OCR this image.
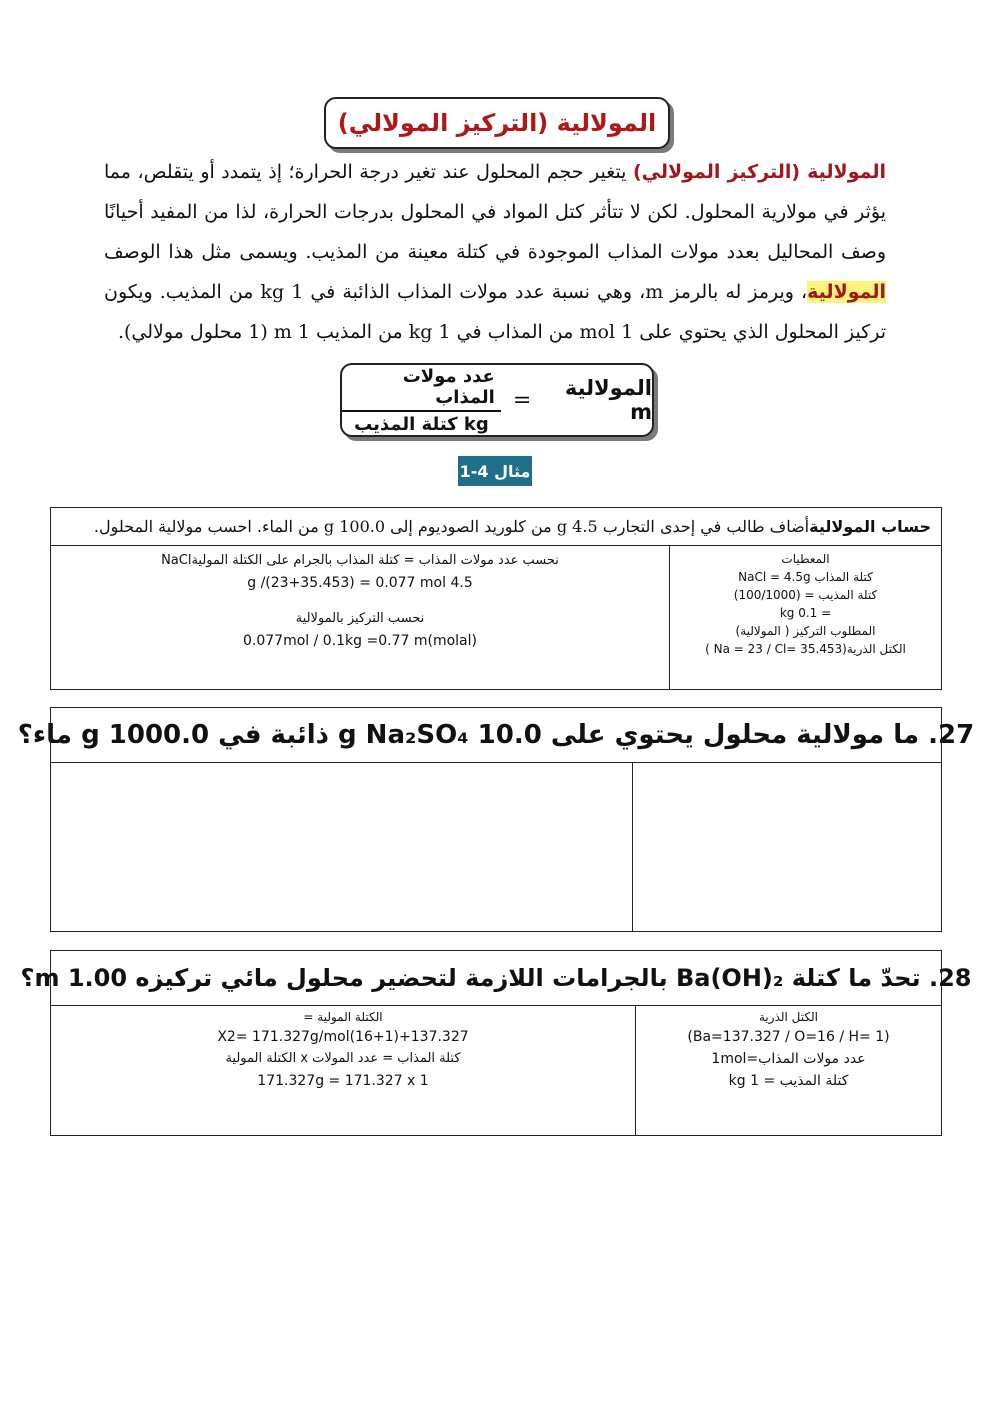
المولالية (التركيز المولالي)
المولالية (التركيز المولالي) يتغير حجم المحلول عند تغير درجة الحرارة؛ إذ يتمدد أو يتقلص، مما يؤثر في مولارية المحلول. لكن لا تتأثر كتل المواد في المحلول بدرجات الحرارة، لذا من المفيد أحيانًا وصف المحاليل بعدد مولات المذاب الموجودة في كتلة معينة من المذيب. ويسمى مثل هذا الوصف المولالية، ويرمز له بالرمز m، وهي نسبة عدد مولات المذاب الذائبة في 1 kg من المذيب. ويكون تركيز المحلول الذي يحتوي على 1 mol من المذاب في 1 kg من المذيب 1 m (1 محلول مولالي).
المولالية m
=
$\frac{\text{عدد مولات المذاب}}{\text{kg كتلة المذيب}}$
مثال 4-1
حساب المولالية
أضاف طالب في إحدى التجارب 4.5 g من كلوريد الصوديوم إلى 100.0 g من الماء. احسب مولالية المحلول.
المعطيات
كتلة المذاب NaCl = 4.5g
كتلة المذيب = (100/1000)
= 0.1 kg
المطلوب التركيز ( المولالية)
الكتل الذرية(Na = 23 / Cl= 35.453 )
نحسب عدد مولات المذاب = كتلة المذاب بالجرام على الكتلة الموليةNaCl
4.5 g /(23+35.453) = 0.077 mol
نحسب التركيز بالمولالية
0.077mol / 0.1kg =0.77 m(molal)
27. ما مولالية محلول يحتوي على 10.0 g Na₂SO₄ ذائبة في 1000.0 g ماء؟
28. تحدّ ما كتلة Ba(OH)₂ بالجرامات اللازمة لتحضير محلول مائي تركيزه 1.00 m؟
الكتل الذرية
(Ba=137.327 / O=16 / H= 1)
عدد مولات المذاب=1mol
كتلة المذيب = 1 kg
الكتلة المولية =
137.327+(16+1)X2= 171.327g/mol
كتلة المذاب = عدد المولات x الكتلة المولية
171.327g = 171.327 x 1
